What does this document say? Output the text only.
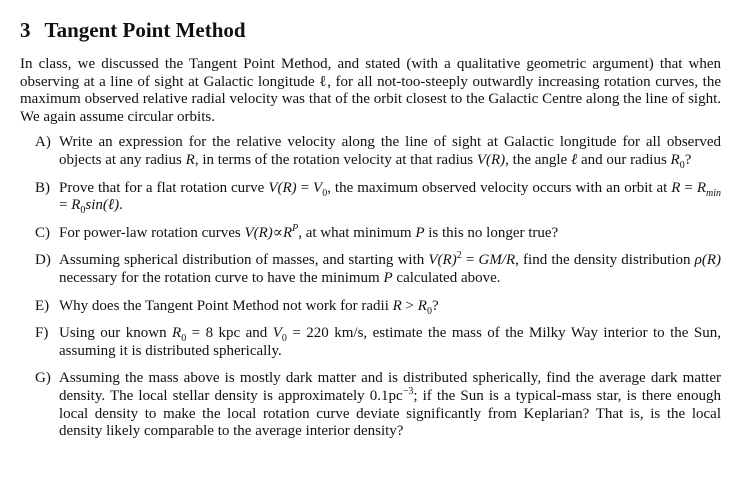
3 Tangent Point Method

In class, we discussed the Tangent Point Method, and stated (with a qualitative geometric argument) that when observing at a line of sight at Galactic longitude ℓ, for all not-too-steeply outwardly increasing rotation curves, the maximum observed relative radial velocity was that of the orbit closest to the Galactic Centre along the line of sight. We again assume circular orbits.

A) Write an expression for the relative velocity along the line of sight at Galactic longitude for all observed objects at any radius R, in terms of the rotation velocity at that radius V(R), the angle ℓ and our radius $R_0$?
B) Prove that for a flat rotation curve $V(R) = V_0$, the maximum observed velocity occurs with an orbit at $R = R_{min}$ = $R_0\sin(\ell)$.
C) For power-law rotation curves $V(R)\propto R^P$, at what minimum P is this no longer true?
D) Assuming spherical distribution of masses, and starting with $V(R)^2 = GM/R$, find the density distribution ρ(R) necessary for the rotation curve to have the minimum P calculated above.
E) Why does the Tangent Point Method not work for radii $R > R_0$?
F) Using our known $R_0 = 8$ kpc and $V_0 = 220$ km/s, estimate the mass of the Milky Way interior to the Sun, assuming it is distributed spherically.
G) Assuming the mass above is mostly dark matter and is distributed spherically, find the average dark matter density. The local stellar density is approximately $0.1pc^{-3}$; if the Sun is a typical-mass star, is there enough local density to make the local rotation curve deviate significantly from Keplarian? That is, is the local density likely comparable to the average interior density?
